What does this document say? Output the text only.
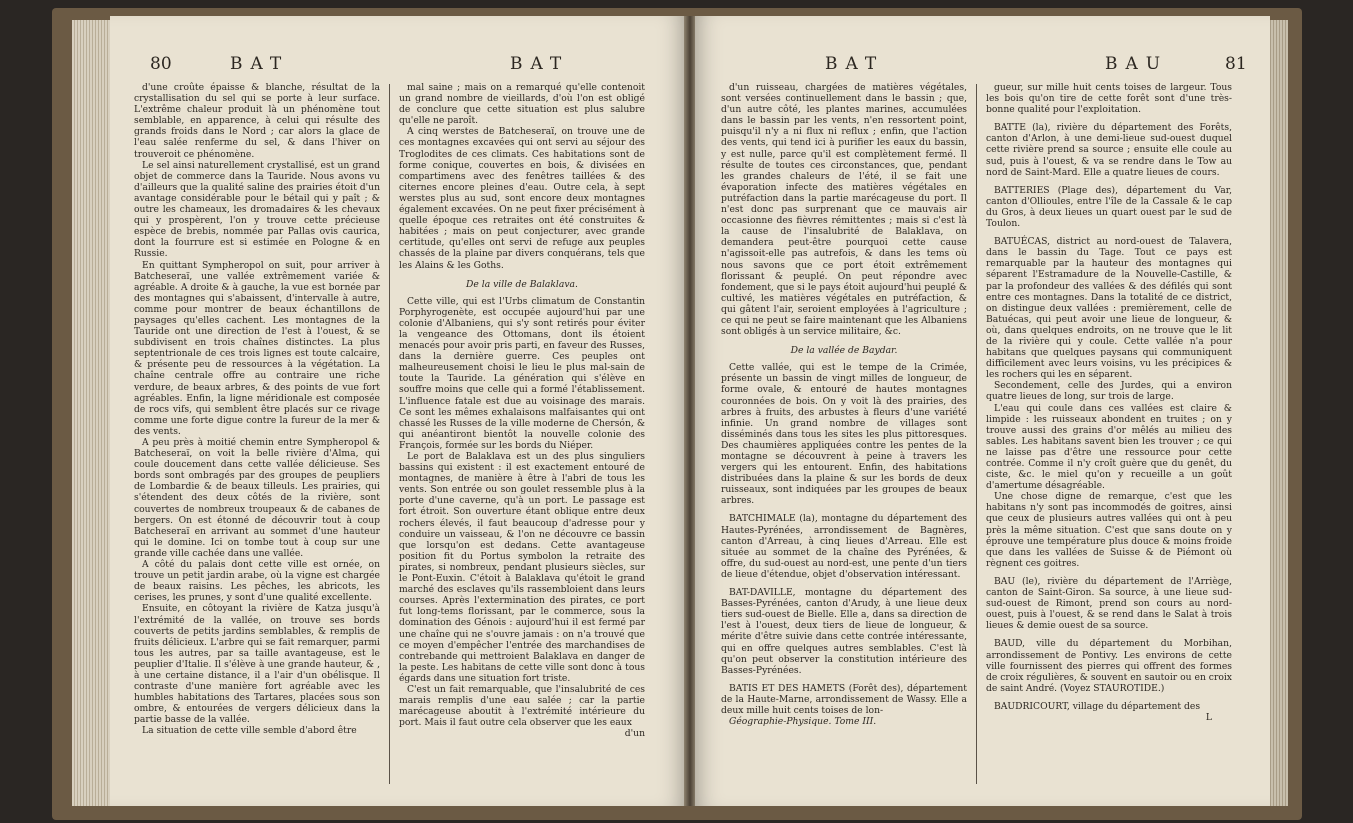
80	BAT	BAT

d'une croûte épaisse & blanche, résultat de la crystallisation du sel qui se porte à leur surface. L'extrême chaleur produit là un phénomène tout semblable, en apparence, à celui qui résulte des grands froids dans le Nord ; car alors la glace de l'eau salée renferme du sel, & dans l'hiver on trouveroit ce phénomène.

Le sel ainsi naturellement crystallisé, est un grand objet de commerce dans la Tauride. Nous avons vu d'ailleurs que la qualité saline des prairies étoit d'un avantage considérable pour le bétail qui y paît ; & outre les chameaux, les dromadaires & les chevaux qui y prospèrent, l'on y trouve cette précieuse espèce de brebis, nommée par Pallas ovis caurica, dont la fourrure est si estimée en Pologne & en Russie.

En quittant Sympheropol on suit, pour arriver à Batcheseraï, une vallée extrêmement variée & agréable. A droite & à gauche, la vue est bornée par des montagnes qui s'abaissent, d'intervalle à autre, comme pour montrer de beaux échantillons de paysages qu'elles cachent. Les montagnes de la Tauride ont une direction de l'est à l'ouest, & se subdivisent en trois chaînes distinctes. La plus septentrionale de ces trois lignes est toute calcaire, & présente peu de ressources à la végétation. La chaîne centrale offre au contraire une riche verdure, de beaux arbres, & des points de vue fort agréables. Enfin, la ligne méridionale est composée de rocs vifs, qui semblent être placés sur ce rivage comme une forte digue contre la fureur de la mer & des vents.

A peu près à moitié chemin entre Sympheropol & Batcheseraï, on voit la belle rivière d'Alma, qui coule doucement dans cette vallée délicieuse. Ses bords sont ombragés par des groupes de peupliers de Lombardie & de beaux tilleuls. Les prairies, qui s'étendent des deux côtés de la rivière, sont couvertes de nombreux troupeaux & de cabanes de bergers. On est étonné de découvrir tout à coup Batcheseraï en arrivant au sommet d'une hauteur qui le domine. Ici on tombe tout à coup sur une grande ville cachée dans une vallée.

A côté du palais dont cette ville est ornée, on trouve un petit jardin arabe, où la vigne est chargée de beaux raisins. Les pêches, les abricots, les cerises, les prunes, y sont d'une qualité excellente.

Ensuite, en côtoyant la rivière de Katza jusqu'à l'extrémité de la vallée, on trouve ses bords couverts de petits jardins semblables, & remplis de fruits délicieux. L'arbre qui se fait remarquer, parmi tous les autres, par sa taille avantageuse, est le peuplier d'Italie. Il s'élève à une grande hauteur, & , à une certaine distance, il a l'air d'un obélisque. Il contraste d'une manière fort agréable avec les humbles habitations des Tartares, placées sous son ombre, & entourées de vergers délicieux dans la partie basse de la vallée.

La situation de cette ville semble d'abord être

mal saine ; mais on a remarqué qu'elle contenoit un grand nombre de vieillards, d'où l'on est obligé de conclure que cette situation est plus salubre qu'elle ne paroît.

A cinq werstes de Batcheseraï, on trouve une de ces montagnes excavées qui ont servi au séjour des Troglodites de ces climats. Ces habitations sont de forme conique, couvertes en bois, & divisées en compartimens avec des fenêtres taillées & des citernes encore pleines d'eau. Outre cela, à sept werstes plus au sud, sont encore deux montagnes également excavées. On ne peut fixer précisément à quelle époque ces retraites ont été construites & habitées ; mais on peut conjecturer, avec grande certitude, qu'elles ont servi de refuge aux peuples chassés de la plaine par divers conquérans, tels que les Alains & les Goths.

De la ville de Balaklava.

Cette ville, qui est l'Urbs climatum de Constantin Porphyrogenète, est occupée aujourd'hui par une colonie d'Albaniens, qui s'y sont retirés pour éviter la vengeance des Ottomans, dont ils étoient menacés pour avoir pris parti, en faveur des Russes, dans la dernière guerre. Ces peuples ont malheureusement choisi le lieu le plus mal-sain de toute la Tauride. La génération qui s'élève en souffre moins que celle qui a formé l'établissement. L'influence fatale est due au voisinage des marais. Ce sont les mêmes exhalaisons malfaisantes qui ont chassé les Russes de la ville moderne de Chersón, & qui anéantiront bientôt la nouvelle colonie des François, formée sur les bords du Niéper.

Le port de Balaklava est un des plus singuliers bassins qui existent : il est exactement entouré de montagnes, de manière à être à l'abri de tous les vents. Son entrée ou son goulet ressemble plus à la porte d'une caverne, qu'à un port. Le passage est fort étroit. Son ouverture étant oblique entre deux rochers élevés, il faut beaucoup d'adresse pour y conduire un vaisseau, & l'on ne découvre ce bassin que lorsqu'on est dedans. Cette avantageuse position fit du Portus symbolon la retraite des pirates, si nombreux, pendant plusieurs siècles, sur le Pont-Euxin. C'étoit à Balaklava qu'étoit le grand marché des esclaves qu'ils rassembloient dans leurs courses. Après l'extermination des pirates, ce port fut long-tems florissant, par le commerce, sous la domination des Génois : aujourd'hui il est fermé par une chaîne qui ne s'ouvre jamais : on n'a trouvé que ce moyen d'empêcher l'entrée des marchandises de contrebande qui mettroient Balaklava en danger de la peste. Les habitans de cette ville sont donc à tous égards dans une situation fort triste.

C'est un fait remarquable, que l'insalubrité de ces marais remplis d'une eau salée ; car la partie marécageuse aboutit à l'extrémité intérieure du port. Mais il faut outre cela observer que les eaux

d'un

BAT	BAU	81

d'un ruisseau, chargées de matières végétales, sont versées continuellement dans le bassin ; que, d'un autre côté, les plantes marines, accumulées dans le bassin par les vents, n'en ressortent point, puisqu'il n'y a ni flux ni reflux ; enfin, que l'action des vents, qui tend ici à purifier les eaux du bassin, y est nulle, parce qu'il est complètement fermé. Il résulte de toutes ces circonstances, que, pendant les grandes chaleurs de l'été, il se fait une évaporation infecte des matières végétales en putréfaction dans la partie marécageuse du port. Il n'est donc pas surprenant que ce mauvais air occasionne des fièvres rémittentes ; mais si c'est là la cause de l'insalubrité de Balaklava, on demandera peut-être pourquoi cette cause n'agissoit-elle pas autrefois, & dans les tems où nous savons que ce port étoit extrêmement florissant & peuplé. On peut répondre avec fondement, que si le pays étoit aujourd'hui peuplé & cultivé, les matières végétales en putréfaction, & qui gâtent l'air, seroient employées à l'agriculture ; ce qui ne peut se faire maintenant que les Albaniens sont obligés à un service militaire, &c.

De la vallée de Baydar.

Cette vallée, qui est le tempe de la Crimée, présente un bassin de vingt milles de longueur, de forme ovale, & entouré de hautes montagnes couronnées de bois. On y voit là des prairies, des arbres à fruits, des arbustes à fleurs d'une variété infinie. Un grand nombre de villages sont disséminés dans tous les sites les plus pittoresques. Des chaumières appliquées contre les pentes de la montagne se découvrent à peine à travers les vergers qui les entourent. Enfin, des habitations distribuées dans la plaine & sur les bords de deux ruisseaux, sont indiquées par les groupes de beaux arbres.

BATCHIMALE (la), montagne du département des Hautes-Pyrénées, arrondissement de Bagnères, canton d'Arreau, à cinq lieues d'Arreau. Elle est située au sommet de la chaîne des Pyrénées, & offre, du sud-ouest au nord-est, une pente d'un tiers de lieue d'étendue, objet d'observation intéressant.

BAT-DAVILLE, montagne du département des Basses-Pyrénées, canton d'Arudy, à une lieue deux tiers sud-ouest de Bielle. Elle a, dans sa direction de l'est à l'ouest, deux tiers de lieue de longueur, & mérite d'être suivie dans cette contrée intéressante, qui en offre quelques autres semblables. C'est là qu'on peut observer la constitution intérieure des Basses-Pyrénées.

BATIS ET DES HAMETS (Forêt des), département de la Haute-Marne, arrondissement de Wassy. Elle a deux mille huit cents toises de lon-

Géographie-Physique. Tome III.

gueur, sur mille huit cents toises de largeur. Tous les bois qu'on tire de cette forêt sont d'une très-bonne qualité pour l'exploitation.

BATTE (la), rivière du département des Forêts, canton d'Arlon, à une demi-lieue sud-ouest duquel cette rivière prend sa source ; ensuite elle coule au sud, puis à l'ouest, & va se rendre dans le Tow au nord de Saint-Mard. Elle a quatre lieues de cours.

BATTERIES (Plage des), département du Var, canton d'Ollioules, entre l'île de la Cassale & le cap du Gros, à deux lieues un quart ouest par le sud de Toulon.

BATUÉCAS, district au nord-ouest de Talavera, dans le bassin du Tage. Tout ce pays est remarquable par la hauteur des montagnes qui séparent l'Estramadure de la Nouvelle-Castille, & par la profondeur des vallées & des défilés qui sont entre ces montagnes. Dans la totalité de ce district, on distingue deux vallées : premièrement, celle de Batuécas, qui peut avoir une lieue de longueur, & où, dans quelques endroits, on ne trouve que le lit de la rivière qui y coule. Cette vallée n'a pour habitans que quelques paysans qui communiquent difficilement avec leurs voisins, vu les précipices & les rochers qui les en séparent.

Secondement, celle des Jurdes, qui a environ quatre lieues de long, sur trois de large.

L'eau qui coule dans ces vallées est claire & limpide : les ruisseaux abondent en truites ; on y trouve aussi des grains d'or mêlés au milieu des sables. Les habitans savent bien les trouver ; ce qui ne laisse pas d'être une ressource pour cette contrée. Comme il n'y croît guère que du genêt, du ciste, &c. le miel qu'on y recueille a un goût d'amertume désagréable.

Une chose digne de remarque, c'est que les habitans n'y sont pas incommodés de goitres, ainsi que ceux de plusieurs autres vallées qui ont à peu près la même situation. C'est que sans doute on y éprouve une température plus douce & moins froide que dans les vallées de Suisse & de Piémont où règnent ces goitres.

BAU (le), rivière du département de l'Arriège, canton de Saint-Giron. Sa source, à une lieue sud-sud-ouest de Rimont, prend son cours au nord-ouest, puis à l'ouest, & se rend dans le Salat à trois lieues & demie ouest de sa source.

BAUD, ville du département du Morbihan, arrondissement de Pontivy. Les environs de cette ville fournissent des pierres qui offrent des formes de croix régulières, & souvent en sautoir ou en croix de saint André. (Voyez STAUROTIDE.)

BAUDRICOURT, village du département des

L
